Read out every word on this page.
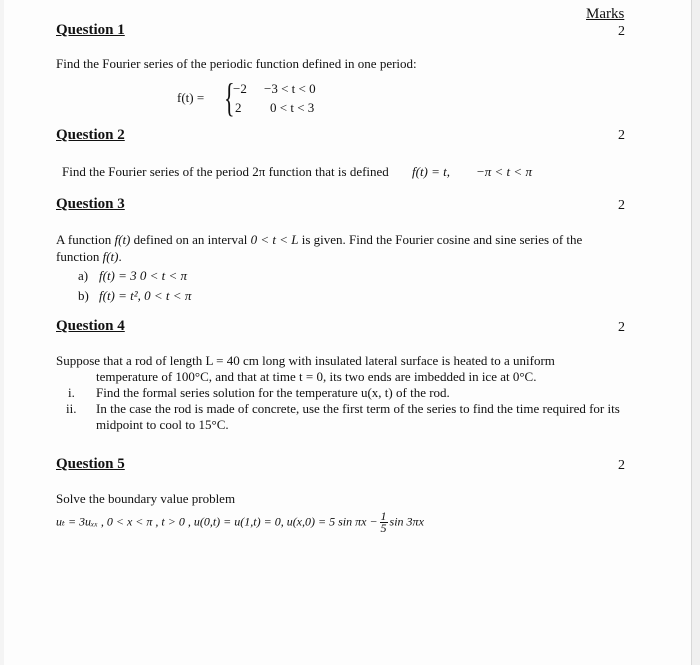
Marks
Question 1	2
Find the Fourier series of the periodic function defined in one period:
f(t) = {
−2 −3 < t < 0
2 0 < t < 3
Question 2	2
Find the Fourier series of the period 2π function that is defined f(t) = t, −π < t < π
Question 3	2
A function f(t) defined on an interval 0 < t < L is given. Find the Fourier cosine and sine series of the
function f(t).
a) f(t) = 3 0 < t < π
b) f(t) = t², 0 < t < π
Question 4	2
Suppose that a rod of length L = 40 cm long with insulated lateral surface is heated to a uniform
temperature of 100°C, and that at time t = 0, its two ends are imbedded in ice at 0°C.
i. Find the formal series solution for the temperature u(x, t) of the rod.
ii. In the case the rod is made of concrete, use the first term of the series to find the time required for its
midpoint to cool to 15°C.
Question 5	2
Solve the boundary value problem
uₜ = 3uₓₓ , 0 < x < π , t > 0 , u(0,t) = u(1,t) = 0, u(x,0) = 5 $\sin \pi x - \frac{1}{5}$ sin 3πx
